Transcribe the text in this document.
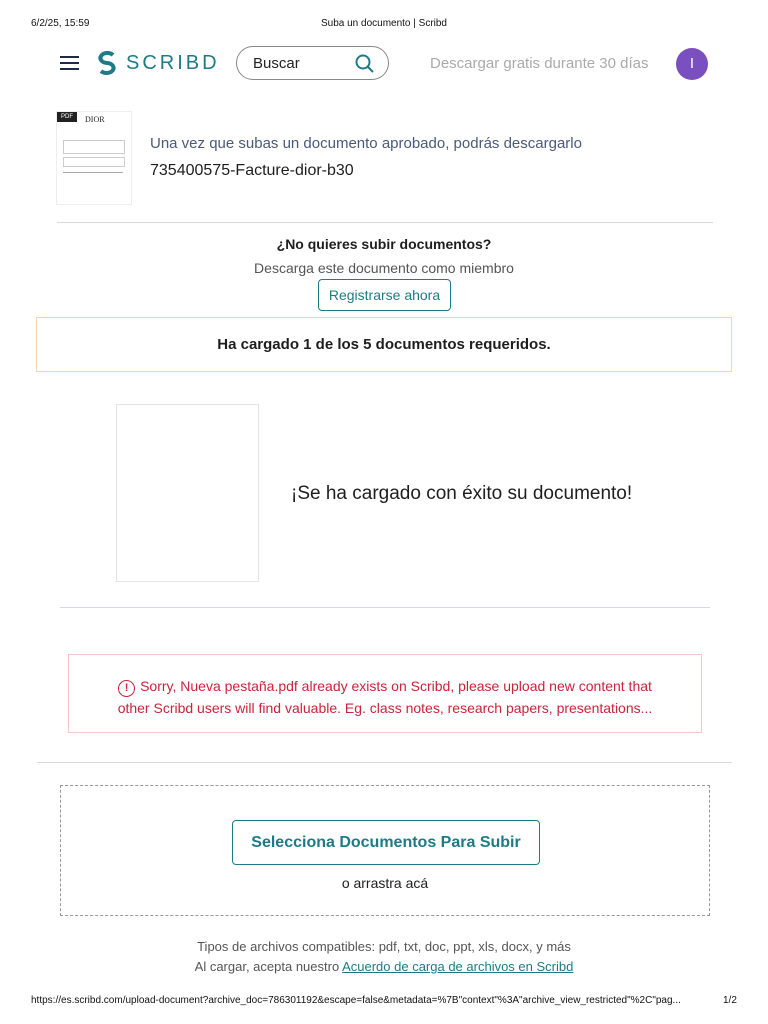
6/2/25, 15:59	Suba un documento | Scribd
SCRIBD Buscar	Descargar gratis durante 30 días	I
PDF	DIOR
Una vez que subas un documento aprobado, podrás descargarlo
735400575-Facture-dior-b30
¿No quieres subir documentos?
Descarga este documento como miembro
Registrarse ahora
Ha cargado 1 de los 5 documentos requeridos.
¡Se ha cargado con éxito su documento!
! Sorry, Nueva pestaña.pdf already exists on Scribd, please upload new content that
other Scribd users will find valuable. Eg. class notes, research papers, presentations...
Selecciona Documentos Para Subir
o arrastra acá
Tipos de archivos compatibles: pdf, txt, doc, ppt, xls, docx, y más
Al cargar, acepta nuestro Acuerdo de carga de archivos en Scribd
https://es.scribd.com/upload-document?archive_doc=786301192&escape=false&metadata=%7B"context"%3A"archive_view_restricted"%2C"pag...	1/2
